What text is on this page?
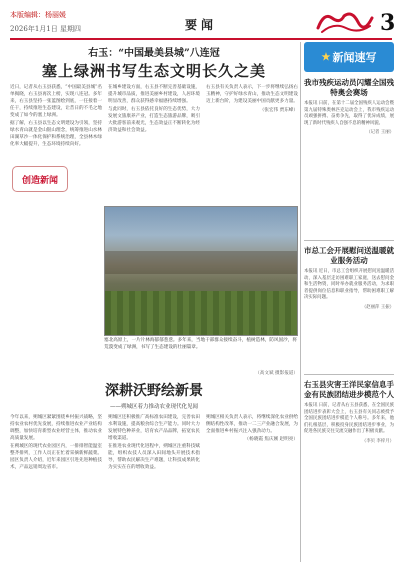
本版编辑：杨丽媛
2026年1月1日 星期四	要闻	3
右玉：“中国最美县城”八连冠
塞上绿洲书写生态文明长久之美

近日，记者从右玉县获悉，“中国最美县城”名单揭晓，右玉县再次上榜，实现八连冠。多年来，右玉县坚持一张蓝图绘到底，一任接着一任干，持续推进生态建设，让昔日的不毛之地变成了如今的塞上绿洲。

据了解，右玉县以生态文明建设为引领，坚持绿水青山就是金山银山理念，统筹推进山水林田湖草沙一体化保护和系统治理，全县林木绿化率大幅提升，生态环境持续向好。

在城乡建设方面，右玉县不断完善基础设施，提升城市品质，推进美丽乡村建设，人居环境明显改善，群众获得感幸福感持续增强。

与此同时，右玉县依托良好的生态优势，大力发展文旅康养产业，打造生态旅游品牌，吸引大批游客前来观光，生态效益正不断转化为经济效益和社会效益。

右玉县有关负责人表示，下一步将继续弘扬右玉精神，守护好绿水青山，推动生态文明建设迈上新台阶，为建设美丽中国贡献更多力量。

（张宏伟 贾东峰）

创造新闻
塞北高原上，一片片林海郁郁葱葱。多年来，当地干部群众接续奋斗，植树造林，防风固沙，将荒漠变成了绿洲，书写了生态建设的壮丽篇章。
（高文斌 摄影报道）
深耕沃野绘新景
——朔城区着力推动农业现代化见闻

今年以来，朔城区紧紧围绕乡村振兴战略，坚持农业农村优先发展，持续推进农业产业结构调整，加快培育新型农业经营主体，推动农业高质量发展。

在朔城区的现代农业园区内，一排排智能温室整齐排列，工作人员正在忙着采摘新鲜蔬菜。园区负责人介绍，近年来园区引进先进种植技术，产品远销周边省市。

朔城区还积极推广高标准农田建设，完善农田水利设施，提高粮食综合生产能力。同时大力发展特色种养业，培育农产品品牌，拓宽农民增收渠道。

在推进农业现代化进程中，朔城区注重科技赋能，组织农技人员深入田间地头开展技术指导，帮助农民解决生产难题，让科技成果转化为实实在在的增收效益。

朔城区相关负责人表示，将继续深化农业供给侧结构性改革，推动一二三产业融合发展，为全面推进乡村振兴注入强劲动力。

（杨晓霞 焦庆刚 赵明亮）

★ 新闻速写
我市残疾运动员闪耀全国残特奥会赛场
本报讯 日前，在第十二届全国残疾人运动会暨第九届特殊奥林匹克运动会上，我市残疾运动员顽强拼搏、奋勇争先，取得了优异成绩，展现了新时代残疾人自强不息的精神风貌。
（记者 王丽）
市总工会开展慰问送温暖就业服务活动
本报讯 近日，市总工会组织开展慰问送温暖活动，深入基层走访困难职工家庭，送去慰问金和生活物资，同时举办就业服务活动，为求职者提供岗位信息和职业指导，帮助困难职工解决实际问题。
（赵丽萍 王振）
右玉县灾害王洋民家信息手金有民族团结进步模范个人
本报讯 日前，记者从右玉县获悉，在全国民族团结进步表彰大会上，右玉县有关同志被授予全国民族团结进步模范个人称号。多年来，他们扎根基层，积极投身民族团结进步事业，为促进各民族交往交流交融作出了积极贡献。
（李贝 李梓月）
